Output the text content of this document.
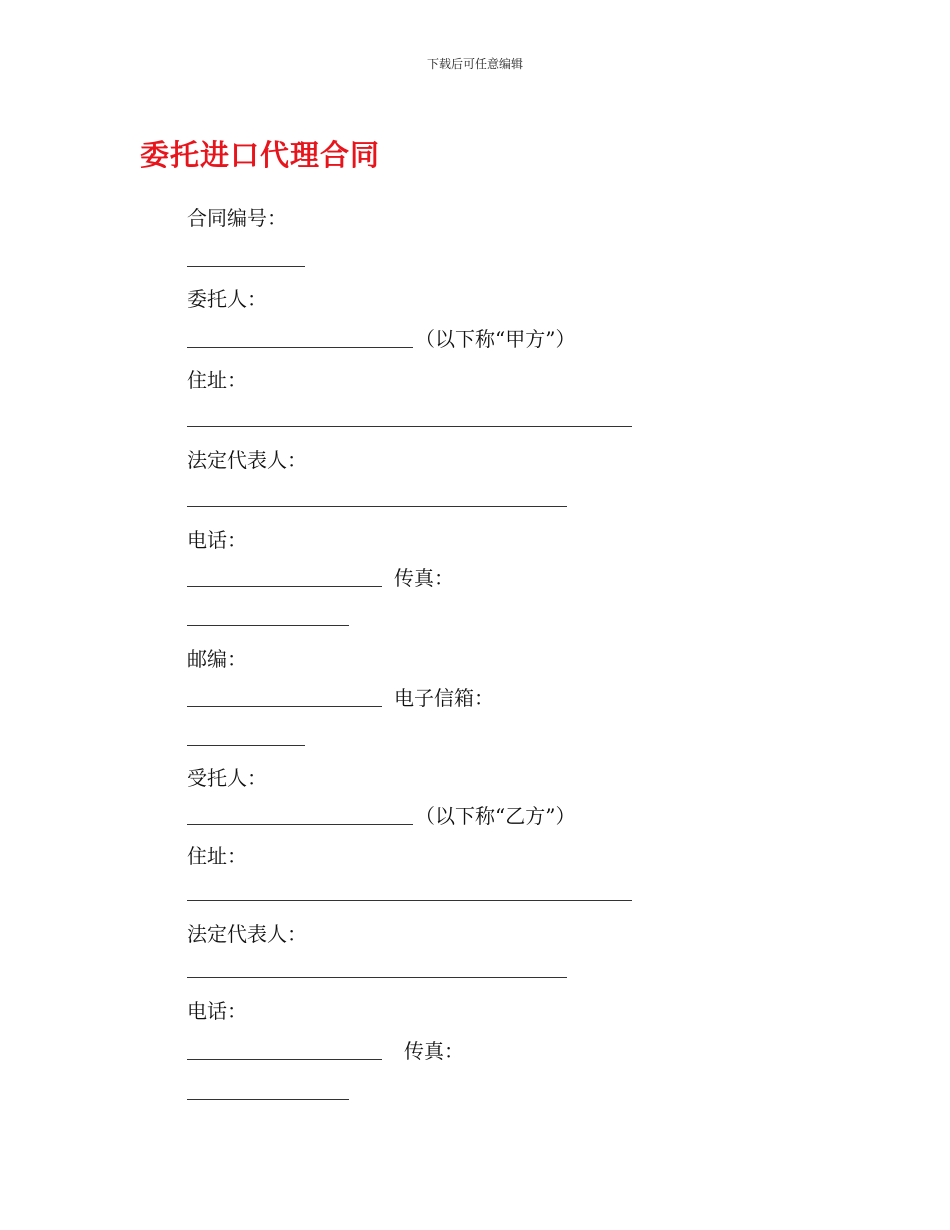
下载后可任意编辑
委托进口代理合同
合同编号：
委托人：
（以下称“甲方”）
住址：
法定代表人：
电话：
传真：
邮编：
电子信箱：
受托人：
（以下称“乙方”）
住址：
法定代表人：
电话：
传真：
